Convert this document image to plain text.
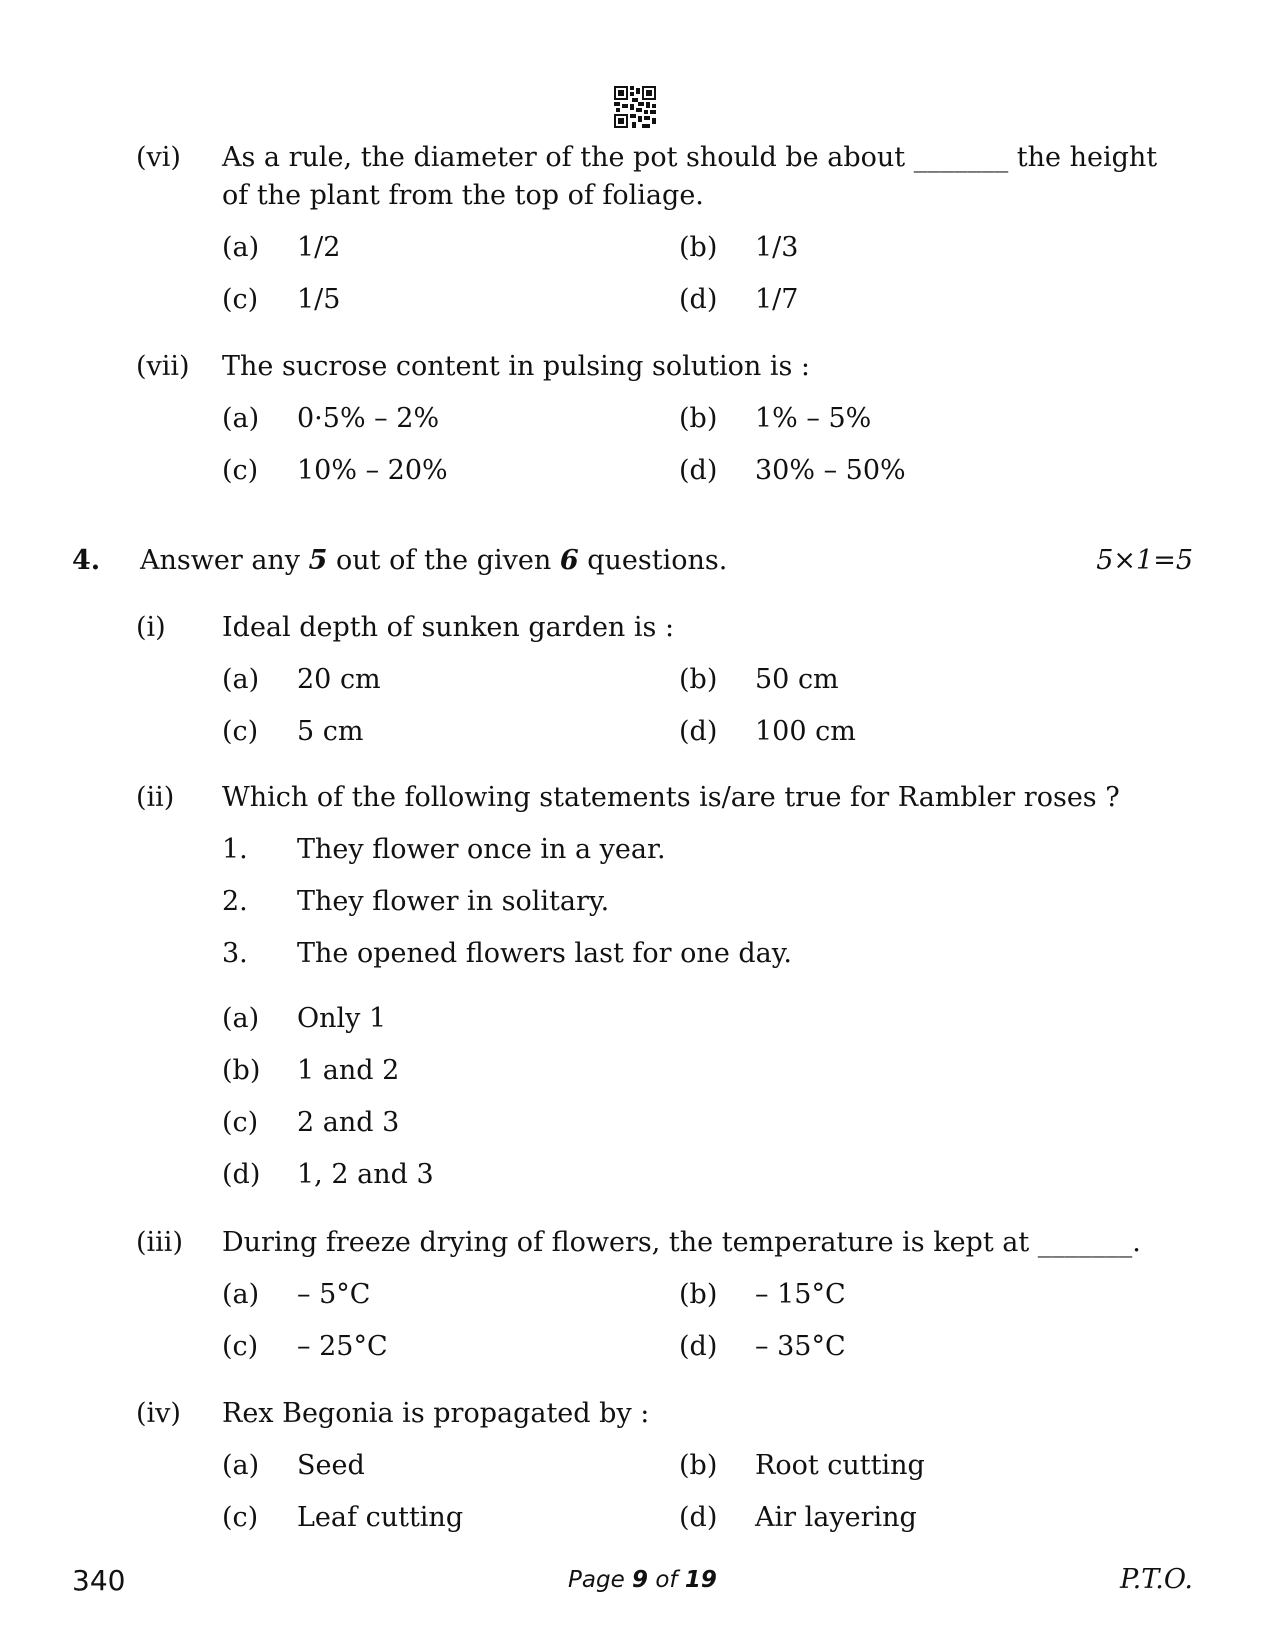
(vi) As a rule, the diameter of the pot should be about _______ the height
of the plant from the top of foliage.
(a) 1/2	(b) 1/3
(c) 1/5	(d) 1/7
(vii) The sucrose content in pulsing solution is :
(a) 0·5% – 2%	(b) 1% – 5%
(c) 10% – 20%	(d) 30% – 50%
4. Answer any 5 out of the given 6 questions.	5×1=5
(i) Ideal depth of sunken garden is :
(a) 20 cm	(b) 50 cm
(c) 5 cm	(d) 100 cm
(ii) Which of the following statements is/are true for Rambler roses ?
1. They flower once in a year.
2. They flower in solitary.
3. The opened flowers last for one day.
(a) Only 1
(b) 1 and 2
(c) 2 and 3
(d) 1, 2 and 3
(iii) During freeze drying of flowers, the temperature is kept at _______.
(a) – 5°C	(b) – 15°C
(c) – 25°C	(d) – 35°C
(iv) Rex Begonia is propagated by :
(a) Seed	(b) Root cutting
(c) Leaf cutting	(d) Air layering
340	Page 9 of 19	P.T.O.
